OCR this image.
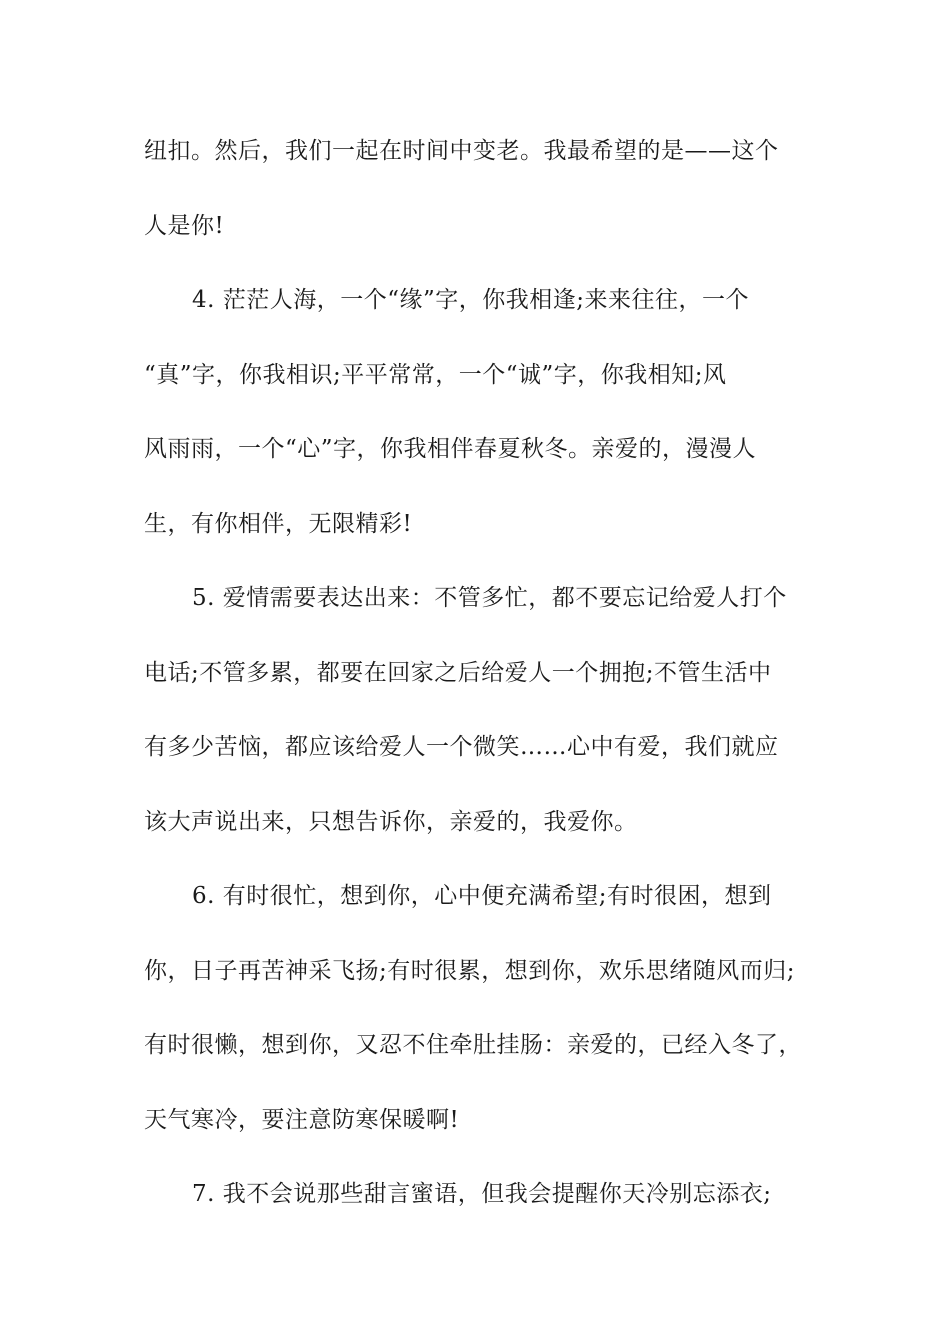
纽扣。然后，我们一起在时间中变老。我最希望的是——这个
人是你!
4. 茫茫人海，一个“缘”字，你我相逢;来来往往，一个
“真”字，你我相识;平平常常，一个“诚”字，你我相知;风
风雨雨，一个“心”字，你我相伴春夏秋冬。亲爱的，漫漫人
生，有你相伴，无限精彩!
5. 爱情需要表达出来：不管多忙，都不要忘记给爱人打个
电话;不管多累，都要在回家之后给爱人一个拥抱;不管生活中
有多少苦恼，都应该给爱人一个微笑……心中有爱，我们就应
该大声说出来，只想告诉你，亲爱的，我爱你。
6. 有时很忙，想到你，心中便充满希望;有时很困，想到
你，日子再苦神采飞扬;有时很累，想到你，欢乐思绪随风而归;
有时很懒，想到你，又忍不住牵肚挂肠：亲爱的，已经入冬了，
天气寒冷，要注意防寒保暖啊!
7. 我不会说那些甜言蜜语，但我会提醒你天冷别忘添衣;
